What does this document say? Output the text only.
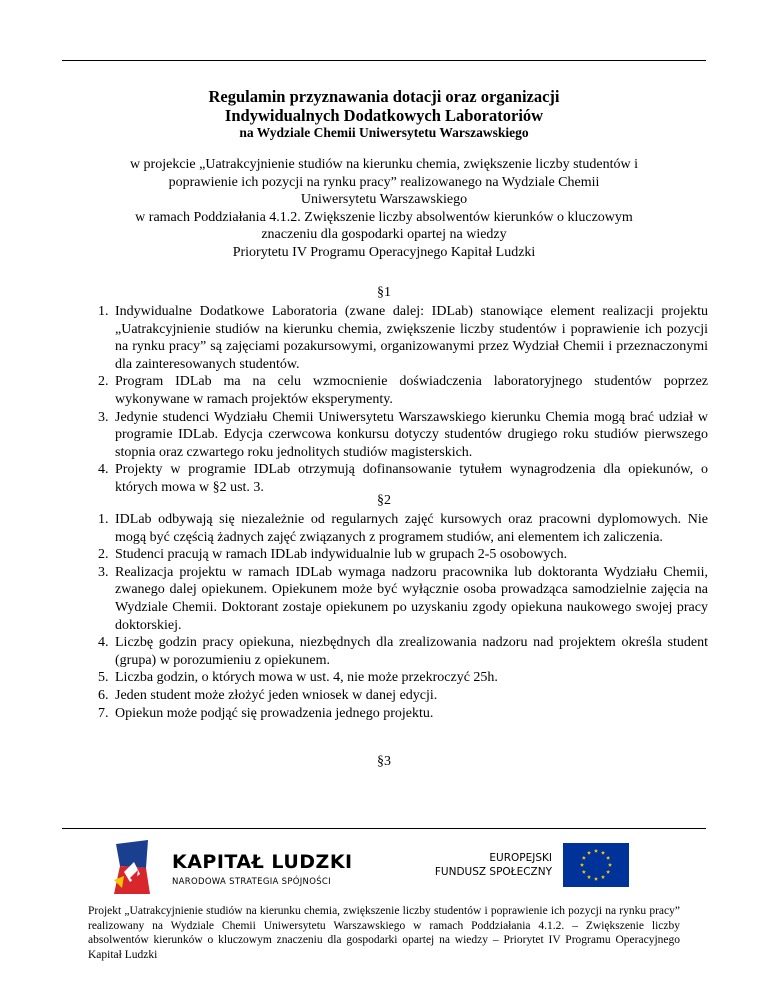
Regulamin przyznawania dotacji oraz organizacji
Indywidualnych Dodatkowych Laboratoriów
na Wydziale Chemii Uniwersytetu Warszawskiego
w projekcie „Uatrakcyjnienie studiów na kierunku chemia, zwiększenie liczby studentów i
poprawienie ich pozycji na rynku pracy” realizowanego na Wydziale Chemii
Uniwersytetu Warszawskiego
w ramach Poddziałania 4.1.2. Zwiększenie liczby absolwentów kierunków o kluczowym
znaczeniu dla gospodarki opartej na wiedzy
Priorytetu IV Programu Operacyjnego Kapitał Ludzki
§1
1. Indywidualne Dodatkowe Laboratoria (zwane dalej: IDLab) stanowiące element realizacji projektu „Uatrakcyjnienie studiów na kierunku chemia, zwiększenie liczby studentów i poprawienie ich pozycji na rynku pracy” są zajęciami pozakursowymi, organizowanymi przez Wydział Chemii i przeznaczonymi dla zainteresowanych studentów.
2. Program IDLab ma na celu wzmocnienie doświadczenia laboratoryjnego studentów poprzez wykonywane w ramach projektów eksperymenty.
3. Jedynie studenci Wydziału Chemii Uniwersytetu Warszawskiego kierunku Chemia mogą brać udział w programie IDLab. Edycja czerwcowa konkursu dotyczy studentów drugiego roku studiów pierwszego stopnia oraz czwartego roku jednolitych studiów magisterskich.
4. Projekty w programie IDLab otrzymują dofinansowanie tytułem wynagrodzenia dla opiekunów, o których mowa w §2 ust. 3.
§2
1. IDLab odbywają się niezależnie od regularnych zajęć kursowych oraz pracowni dyplomowych. Nie mogą być częścią żadnych zajęć związanych z programem studiów, ani elementem ich zaliczenia.
2. Studenci pracują w ramach IDLab indywidualnie lub w grupach 2-5 osobowych.
3. Realizacja projektu w ramach IDLab wymaga nadzoru pracownika lub doktoranta Wydziału Chemii, zwanego dalej opiekunem. Opiekunem może być wyłącznie osoba prowadząca samodzielnie zajęcia na Wydziale Chemii. Doktorant zostaje opiekunem po uzyskaniu zgody opiekuna naukowego swojej pracy doktorskiej.
4. Liczbę godzin pracy opiekuna, niezbędnych dla zrealizowania nadzoru nad projektem określa student (grupa) w porozumieniu z opiekunem.
5. Liczba godzin, o których mowa w ust. 4, nie może przekroczyć 25h.
6. Jeden student może złożyć jeden wniosek w danej edycji.
7. Opiekun może podjąć się prowadzenia jednego projektu.
§3
KAPITAŁ LUDZKI
NARODOWA STRATEGIA SPÓJNOŚCI
EUROPEJSKI
FUNDUSZ SPOŁECZNY
Projekt „Uatrakcyjnienie studiów na kierunku chemia, zwiększenie liczby studentów i poprawienie ich pozycji na rynku pracy” realizowany na Wydziale Chemii Uniwersytetu Warszawskiego w ramach Poddziałania 4.1.2. – Zwiększenie liczby absolwentów kierunków o kluczowym znaczeniu dla gospodarki opartej na wiedzy – Priorytet IV Programu Operacyjnego Kapitał Ludzki
